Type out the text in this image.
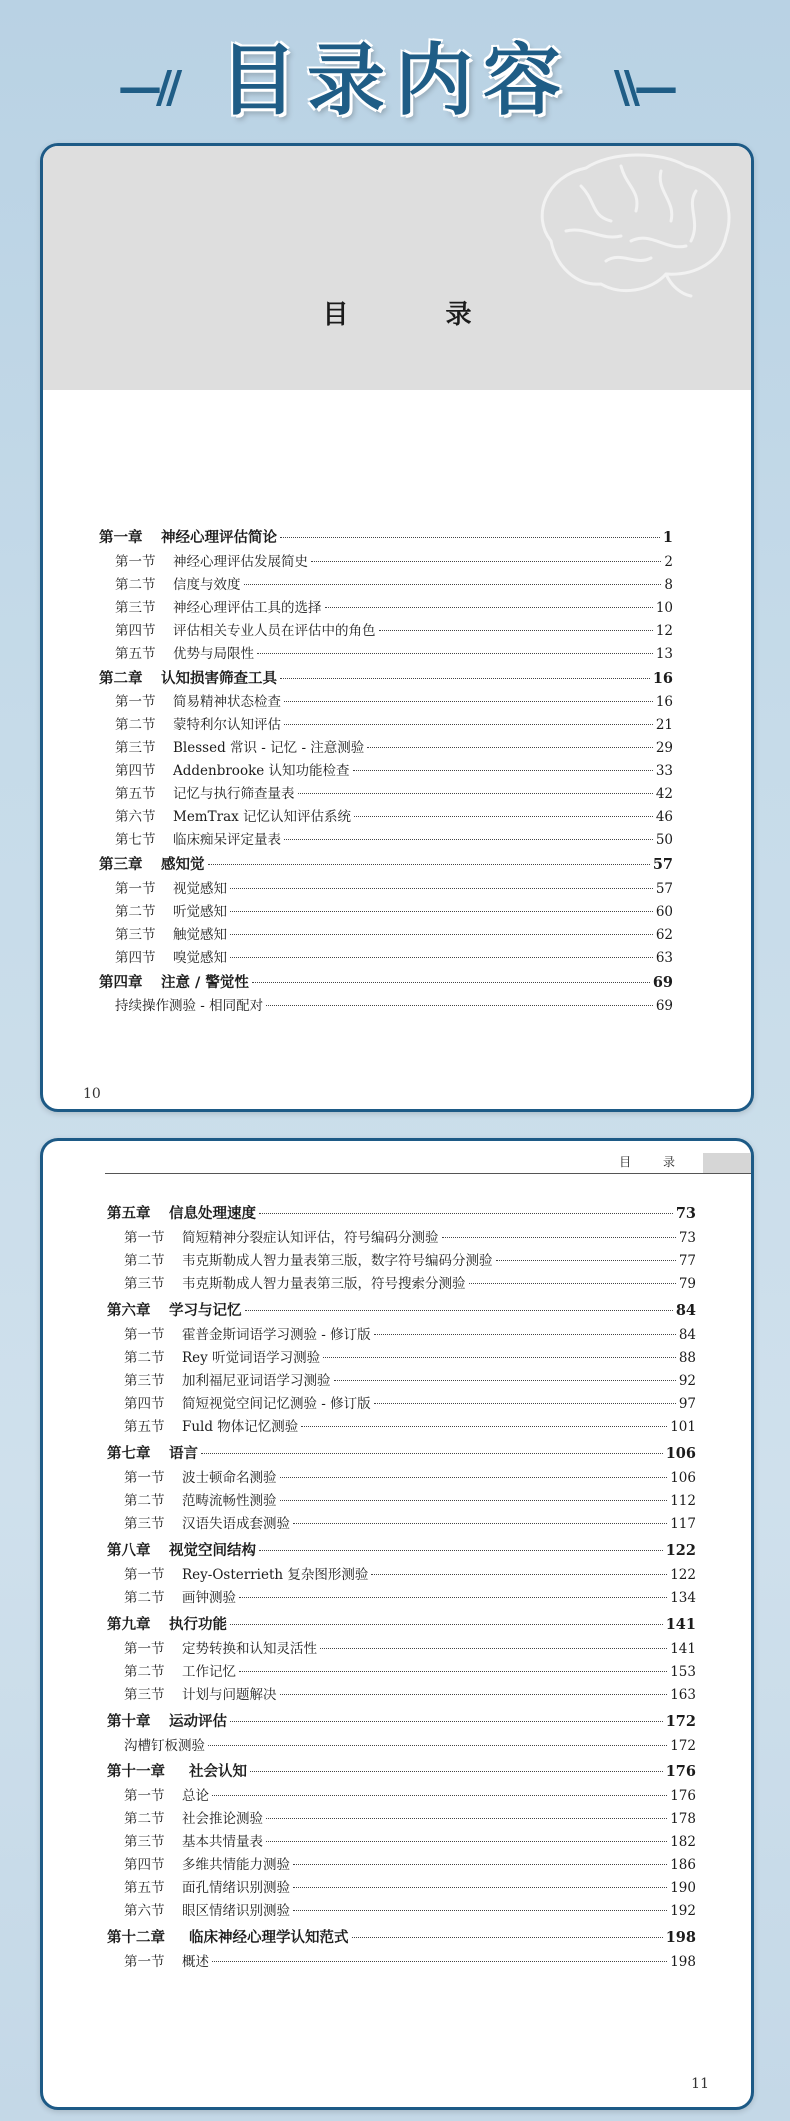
—// 目录内容 \\—
目 录
第一章 神经心理评估简论	1
第一节 神经心理评估发展简史	2
第二节 信度与效度	8
第三节 神经心理评估工具的选择	10
第四节 评估相关专业人员在评估中的角色	12
第五节 优势与局限性	13
第二章 认知损害筛查工具	16
第一节 简易精神状态检查	16
第二节 蒙特利尔认知评估	21
第三节 Blessed 常识 - 记忆 - 注意测验	29
第四节 Addenbrooke 认知功能检查	33
第五节 记忆与执行筛查量表	42
第六节 MemTrax 记忆认知评估系统	46
第七节 临床痴呆评定量表	50
第三章 感知觉	57
第一节 视觉感知	57
第二节 听觉感知	60
第三节 触觉感知	62
第四节 嗅觉感知	63
第四章 注意 / 警觉性	69
持续操作测验 - 相同配对	69
10
目 录
第五章 信息处理速度	73
第一节 简短精神分裂症认知评估，符号编码分测验	73
第二节 韦克斯勒成人智力量表第三版，数字符号编码分测验	77
第三节 韦克斯勒成人智力量表第三版，符号搜索分测验	79
第六章 学习与记忆	84
第一节 霍普金斯词语学习测验 - 修订版	84
第二节 Rey 听觉词语学习测验	88
第三节 加利福尼亚词语学习测验	92
第四节 简短视觉空间记忆测验 - 修订版	97
第五节 Fuld 物体记忆测验	101
第七章 语言	106
第一节 波士顿命名测验	106
第二节 范畴流畅性测验	112
第三节 汉语失语成套测验	117
第八章 视觉空间结构	122
第一节 Rey-Osterrieth 复杂图形测验	122
第二节 画钟测验	134
第九章 执行功能	141
第一节 定势转换和认知灵活性	141
第二节 工作记忆	153
第三节 计划与问题解决	163
第十章 运动评估	172
沟槽钉板测验	172
第十一章 社会认知	176
第一节 总论	176
第二节 社会推论测验	178
第三节 基本共情量表	182
第四节 多维共情能力测验	186
第五节 面孔情绪识别测验	190
第六节 眼区情绪识别测验	192
第十二章 临床神经心理学认知范式	198
第一节 概述	198
11
